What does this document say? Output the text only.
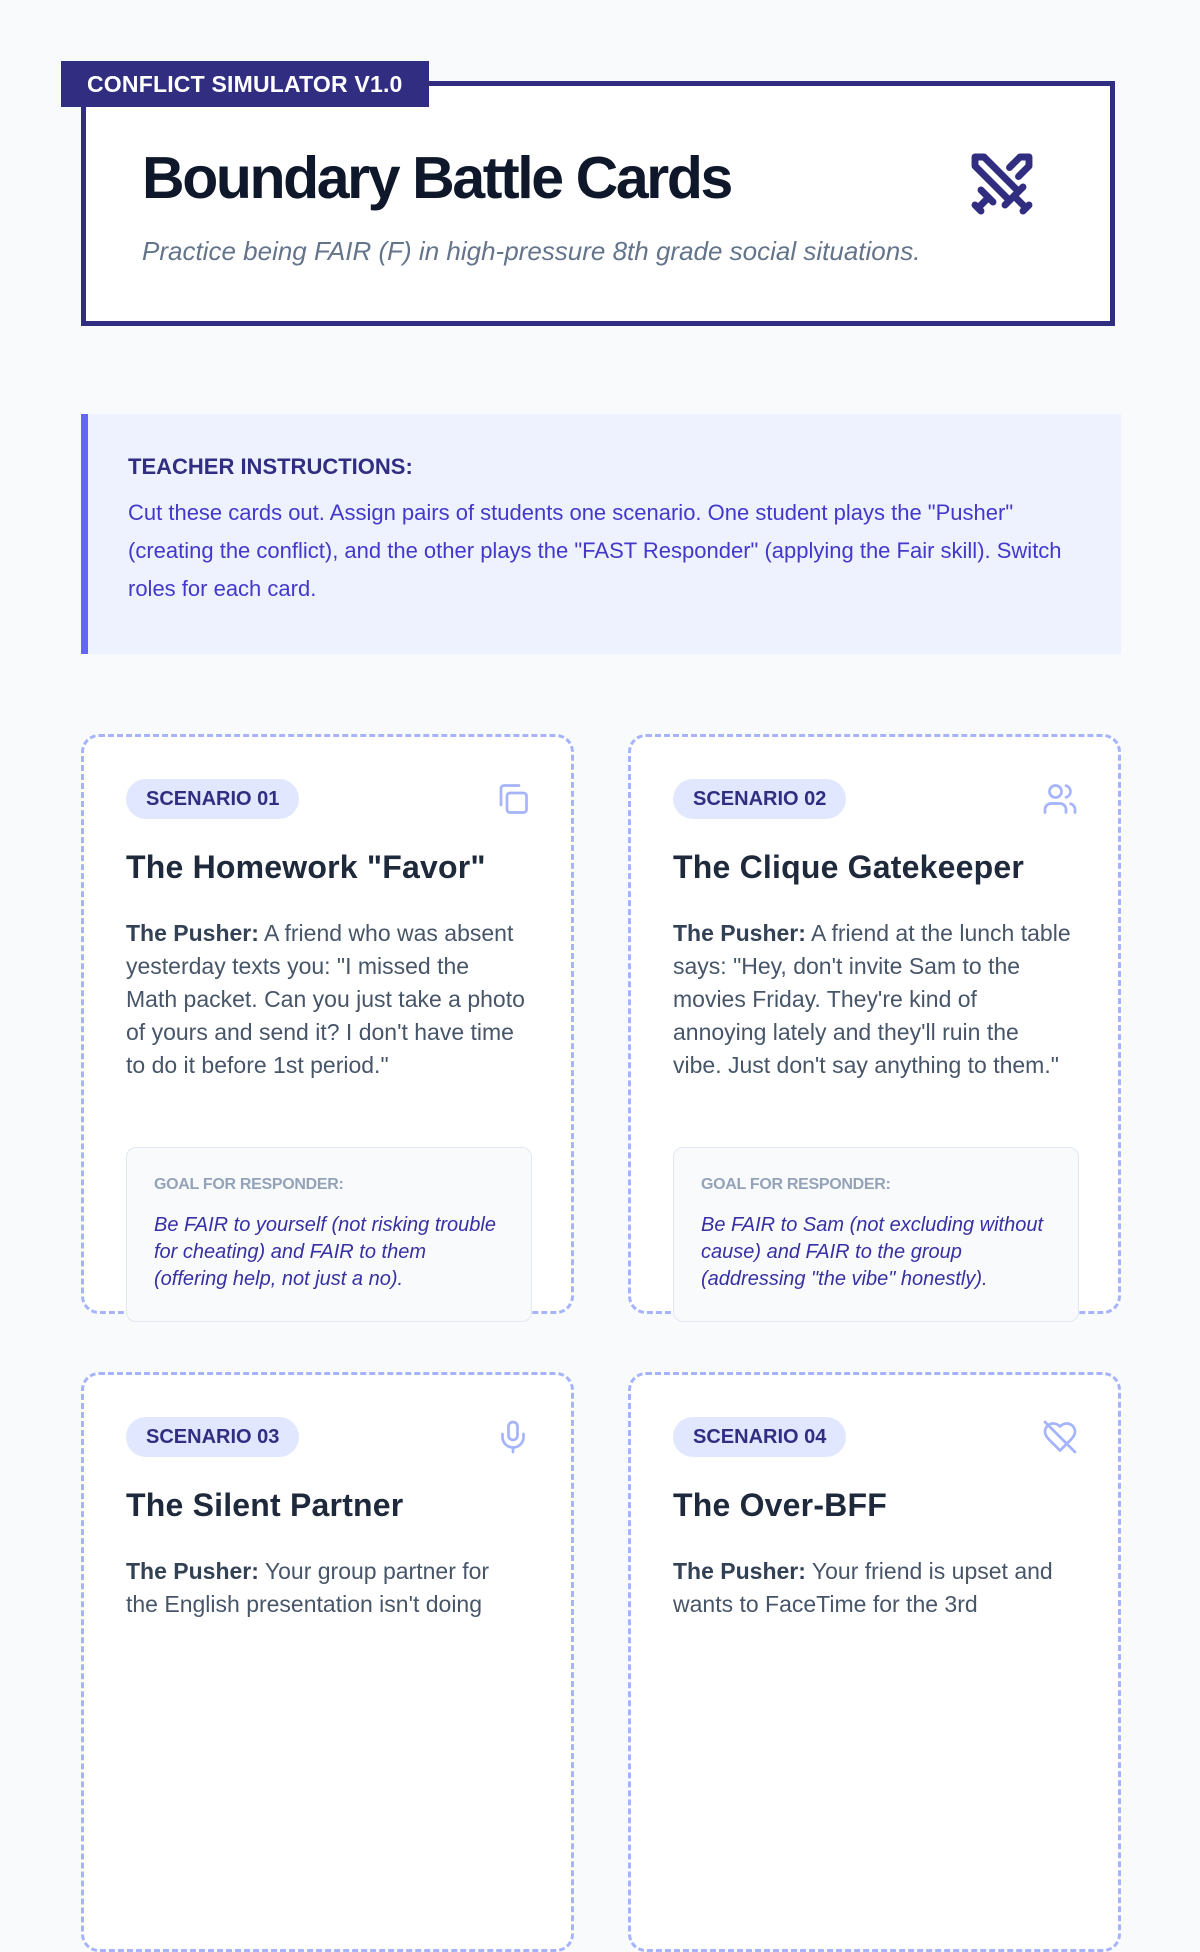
Boundary Battle Cards

Practice being FAIR (F) in high-pressure 8th grade social situations.

CONFLICT SIMULATOR V1.0

TEACHER INSTRUCTIONS:

Cut these cards out. Assign pairs of students one scenario. One student plays the "Pusher" (creating the conflict), and the other plays the "FAST Responder" (applying the Fair skill). Switch roles for each card.

SCENARIO 01
The Homework "Favor"

The Pusher: A friend who was absent yesterday texts you: "I missed the Math packet. Can you just take a photo of yours and send it? I don't have time to do it before 1st period."

GOAL FOR RESPONDER:

Be FAIR to yourself (not risking trouble for cheating) and FAIR to them (offering help, not just a no).

SCENARIO 02
The Clique Gatekeeper

The Pusher: A friend at the lunch table says: "Hey, don't invite Sam to the movies Friday. They're kind of annoying lately and they'll ruin the vibe. Just don't say anything to them."

GOAL FOR RESPONDER:

Be FAIR to Sam (not excluding without cause) and FAIR to the group (addressing "the vibe" honestly).

SCENARIO 03
The Silent Partner

The Pusher: Your group partner for the English presentation isn't doing

SCENARIO 04
The Over-BFF

The Pusher: Your friend is upset and wants to FaceTime for the 3rd
